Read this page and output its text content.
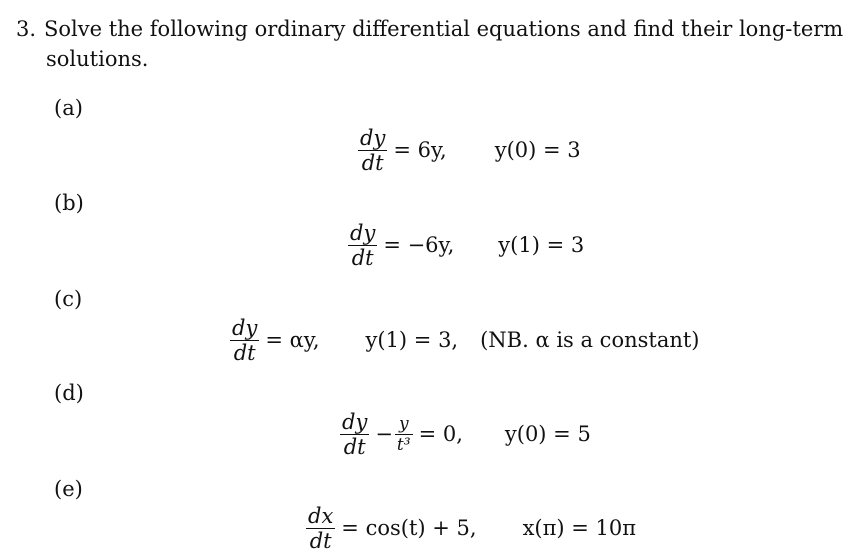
3. Solve the following ordinary differential equations and find their long-term
solutions.

(a)
$\frac{dy}{dt} = 6y$, y(0) = 3
(b)
$\frac{dy}{dt} = -6y$, y(1) = 3
(c)
$\frac{dy}{dt} = \alpha y$, y(1) = 3, (NB. α is a constant)
(d)
$\frac{dy}{dt} - \frac{y}{\text{t³}} = 0$, y(0) = 5
(e)
$\frac{dx}{dt} = \cos(t) + 5$, x(π) = 10π
